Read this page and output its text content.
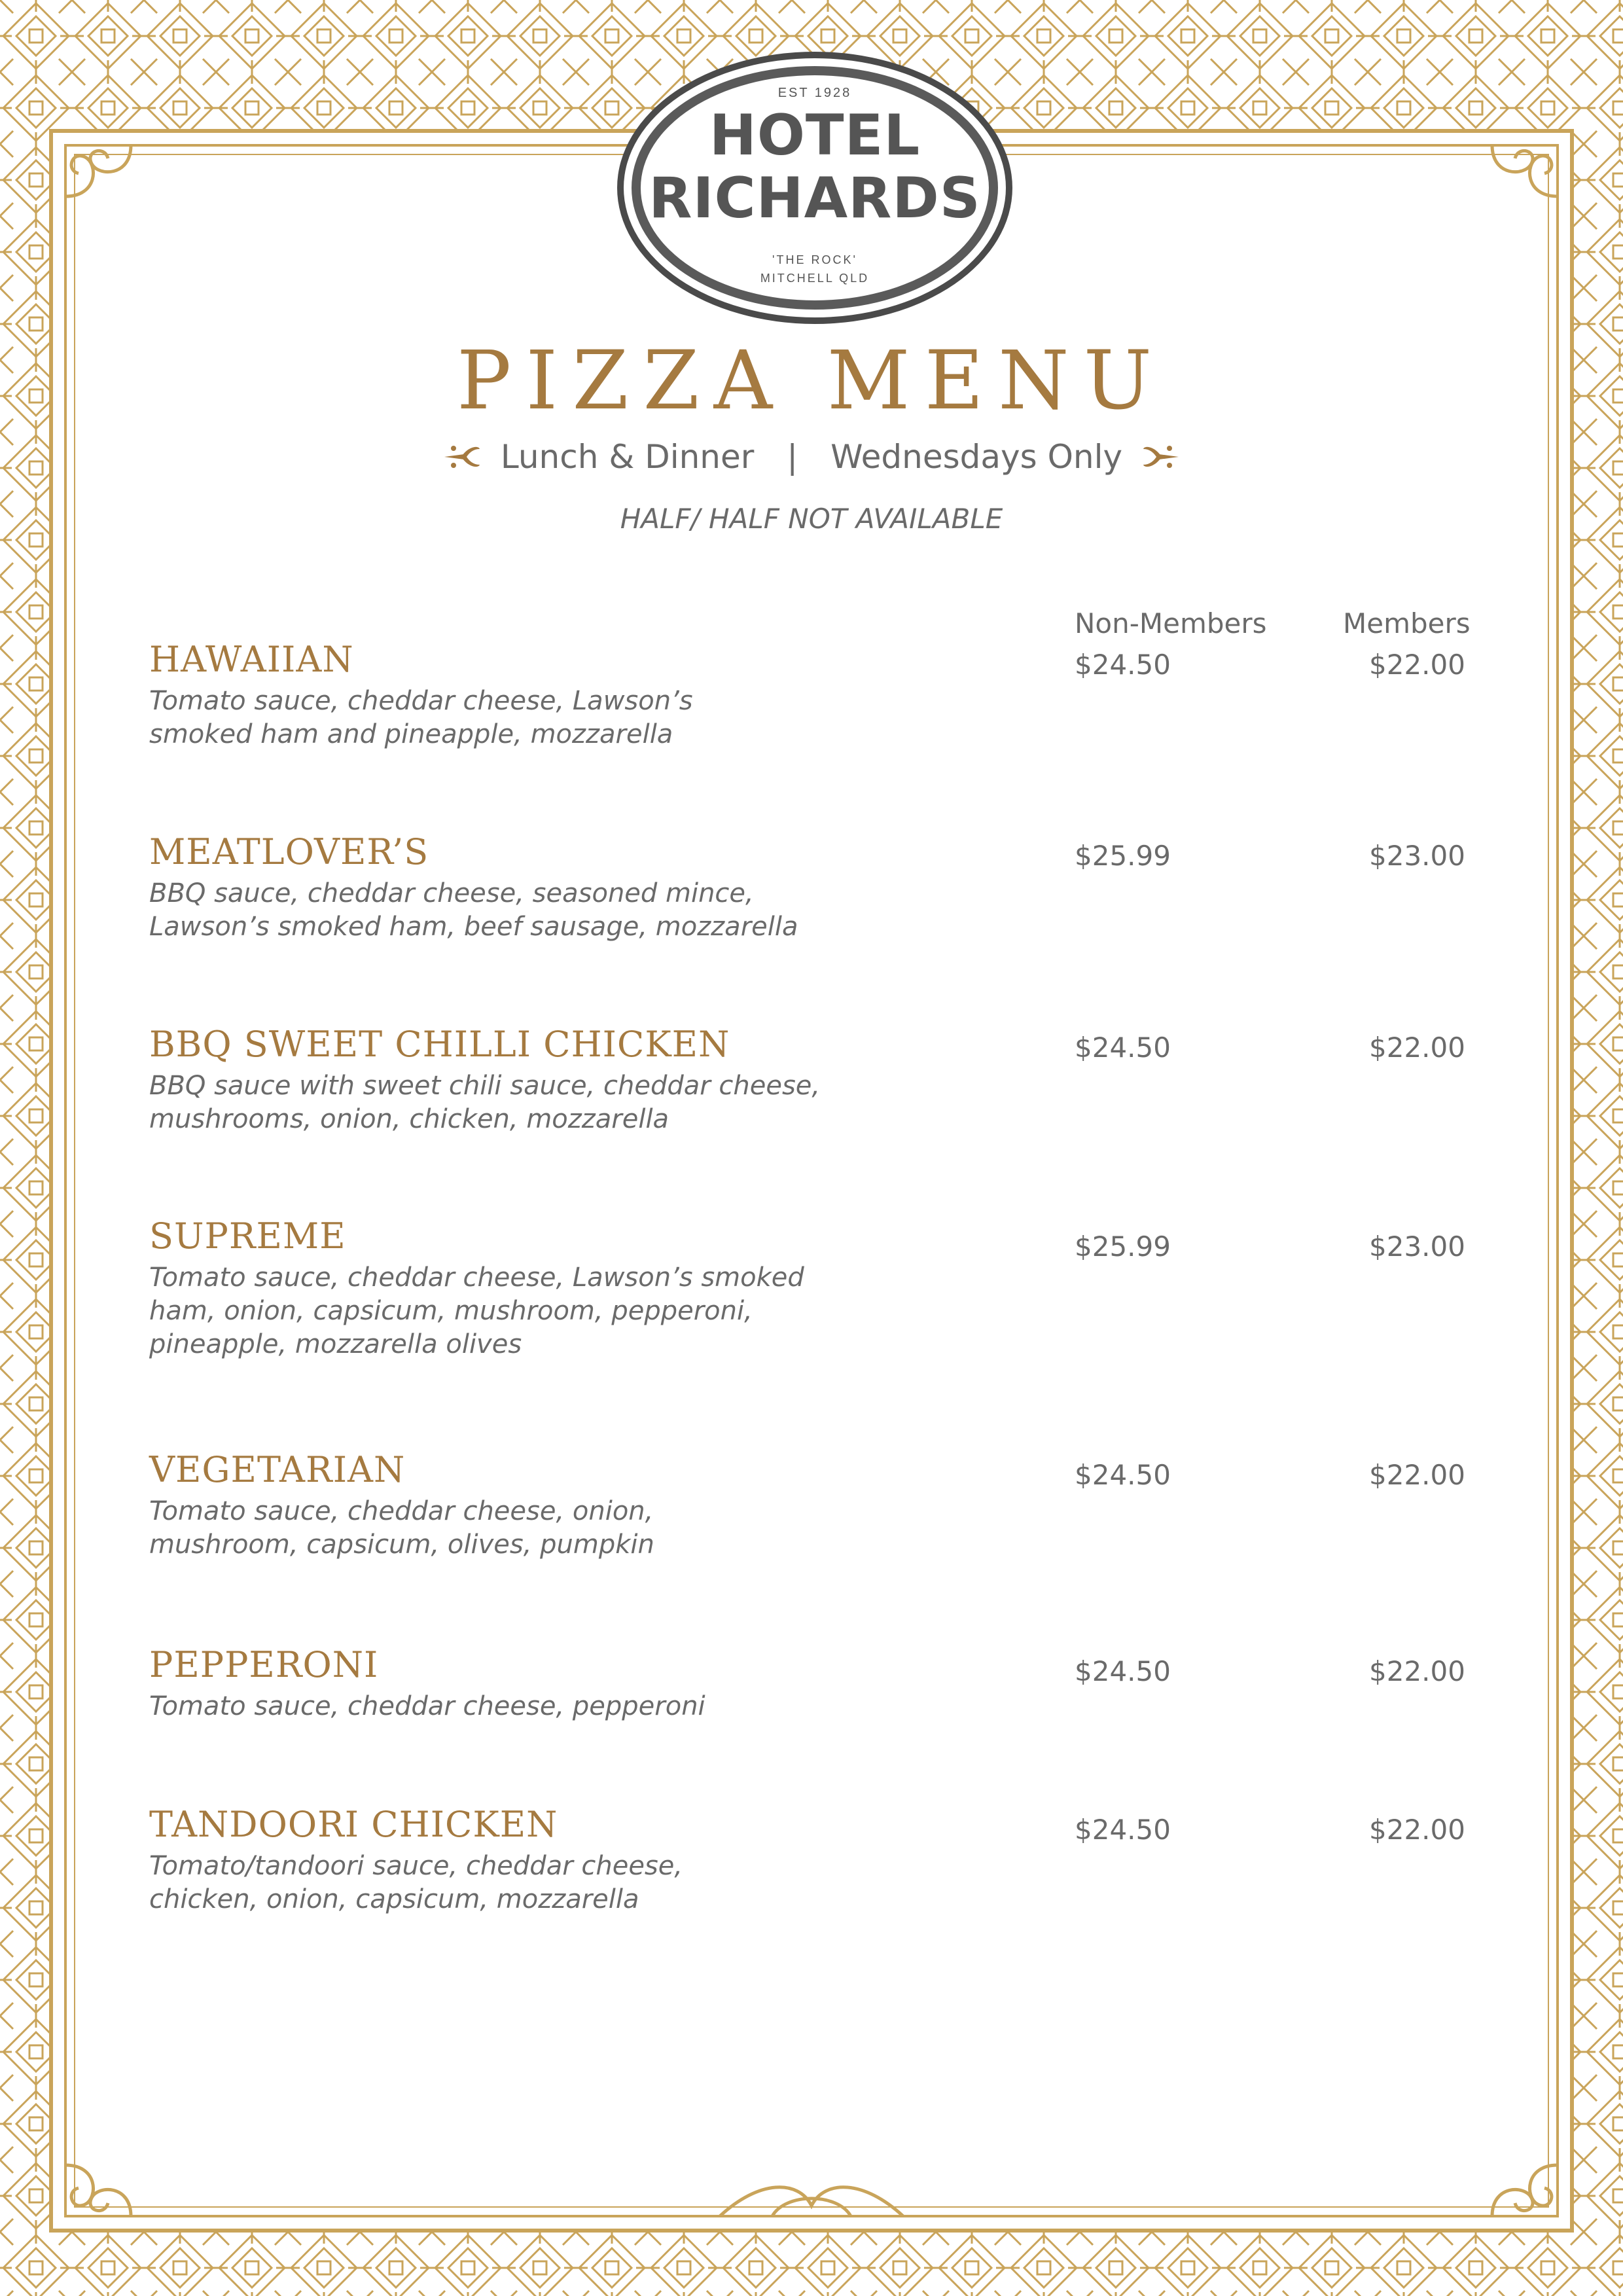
EST 1928
HOTEL
RICHARDS
'THE ROCK'
MITCHELL QLD
PIZZA MENU
Lunch & Dinner | Wednesdays Only
HALF/ HALF NOT AVAILABLE
Non-Members	Members
HAWAIIAN
Tomato sauce, cheddar cheese, Lawson’s
smoked ham and pineapple, mozzarella
$24.50	$22.00
MEATLOVER’S
BBQ sauce, cheddar cheese, seasoned mince,
Lawson’s smoked ham, beef sausage, mozzarella
$25.99	$23.00
BBQ SWEET CHILLI CHICKEN
BBQ sauce with sweet chili sauce, cheddar cheese,
mushrooms, onion, chicken, mozzarella
$24.50	$22.00
SUPREME
Tomato sauce, cheddar cheese, Lawson’s smoked
ham, onion, capsicum, mushroom, pepperoni,
pineapple, mozzarella olives
$25.99	$23.00
VEGETARIAN
Tomato sauce, cheddar cheese, onion,
mushroom, capsicum, olives, pumpkin
$24.50	$22.00
PEPPERONI
Tomato sauce, cheddar cheese, pepperoni
$24.50	$22.00
TANDOORI CHICKEN
Tomato/tandoori sauce, cheddar cheese,
chicken, onion, capsicum, mozzarella
$24.50	$22.00
